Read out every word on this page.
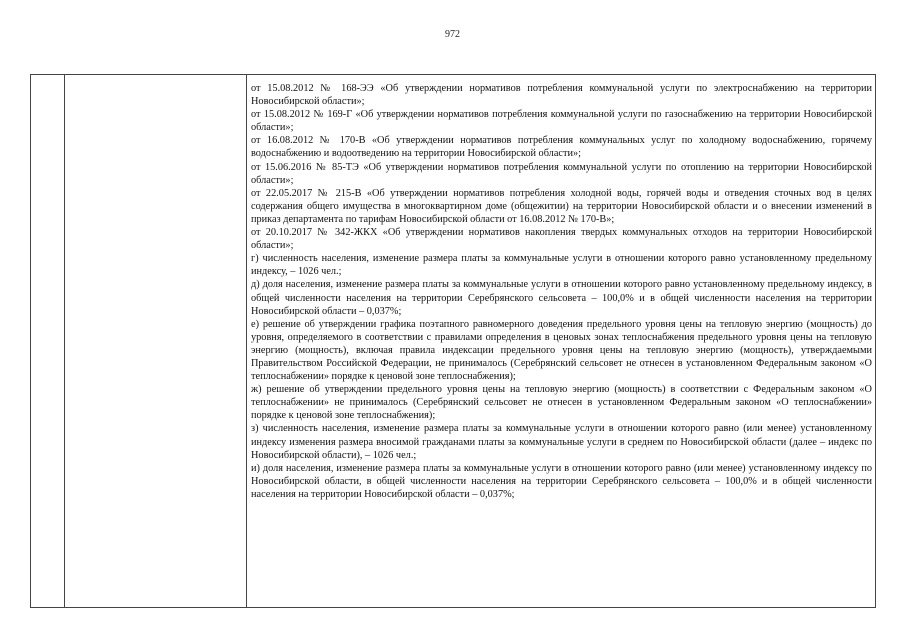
972

от 15.08.2012 № 168-ЭЭ «Об утверждении нормативов потребления коммунальной услуги по электроснабжению на территории Новосибирской области»;

от 15.08.2012 № 169-Г «Об утверждении нормативов потребления коммунальной услуги по газоснабжению на территории Новосибирской области»;

от 16.08.2012 № 170-В «Об утверждении нормативов потребления коммунальных услуг по холодному водоснабжению, горячему водоснабжению и водоотведению на территории Новосибирской области»;

от 15.06.2016 № 85-ТЭ «Об утверждении нормативов потребления коммунальной услуги по отоплению на территории Новосибирской области»;

от 22.05.2017 № 215-В «Об утверждении нормативов потребления холодной воды, горячей воды и отведения сточных вод в целях содержания общего имущества в многоквартирном доме (общежитии) на территории Новосибирской области и о внесении изменений в приказ департамента по тарифам Новосибирской области от 16.08.2012 № 170-В»;

от 20.10.2017 № 342-ЖКХ «Об утверждении нормативов накопления твердых коммунальных отходов на территории Новосибирской области»;

г) численность населения, изменение размера платы за коммунальные услуги в отношении которого равно установленному предельному индексу, – 1026 чел.;

д) доля населения, изменение размера платы за коммунальные услуги в отношении которого равно установленному предельному индексу, в общей численности населения на территории Серебрянского сельсовета – 100,0% и в общей численности населения на территории Новосибирской области – 0,037%;

е) решение об утверждении графика поэтапного равномерного доведения предельного уровня цены на тепловую энергию (мощность) до уровня, определяемого в соответствии с правилами определения в ценовых зонах теплоснабжения предельного уровня цены на тепловую энергию (мощность), включая правила индексации предельного уровня цены на тепловую энергию (мощность), утверждаемыми Правительством Российской Федерации, не принималось (Серебрянский сельсовет не отнесен в установленном Федеральным законом «О теплоснабжении» порядке к ценовой зоне теплоснабжения);

ж) решение об утверждении предельного уровня цены на тепловую энергию (мощность) в соответствии с Федеральным законом «О теплоснабжении» не принималось (Серебрянский сельсовет не отнесен в установленном Федеральным законом «О теплоснабжении» порядке к ценовой зоне теплоснабжения);

з) численность населения, изменение размера платы за коммунальные услуги в отношении которого равно (или менее) установленному индексу изменения размера вносимой гражданами платы за коммунальные услуги в среднем по Новосибирской области (далее – индекс по Новосибирской области), – 1026 чел.;

и) доля населения, изменение размера платы за коммунальные услуги в отношении которого равно (или менее) установленному индексу по Новосибирской области, в общей численности населения на территории Серебрянского сельсовета – 100,0% и в общей численности населения на территории Новосибирской области – 0,037%;
